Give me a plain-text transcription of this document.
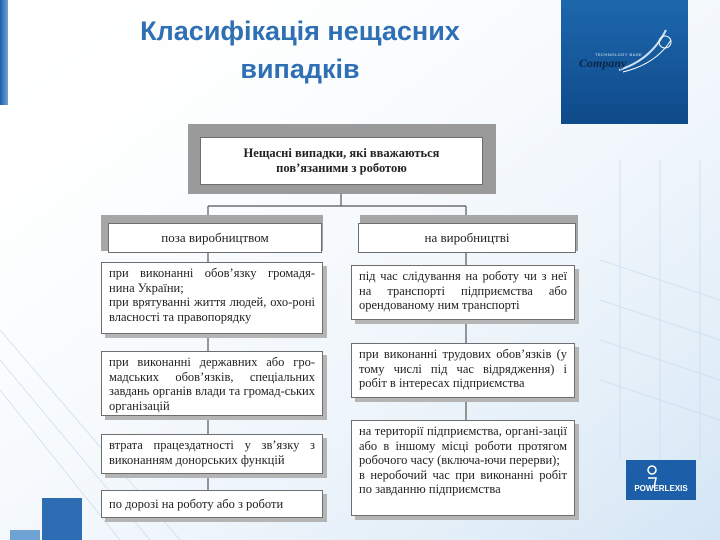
Класифікація нещасних
випадків	TECHNOLOGY BASE
Company
Нещасні випадки, які вважаються
пов’язаними з роботою
поза виробництвом	на виробництві

при виконанні обов’язку громадя-нина України;

при врятуванні життя людей, охо-роні власності та правопорядку

при виконанні державних або гро-мадських обов’язків, спеціальних завдань органів влади та громад-ських організацій

втрата працездатності у зв’язку з виконанням донорських функцій

по дорозі на роботу або з роботи

під час слідування на роботу чи з неї на транспорті підприємства або орендованому ним транспорті

при виконанні трудових обов’язків (у тому числі під час відрядження) і робіт в інтересах підприємства

на території підприємства, органі-зації або в іншому місці роботи протягом робочого часу (включа-ючи перерви);

в неробочий час при виконанні робіт по завданню підприємства	POWERLEXIS
